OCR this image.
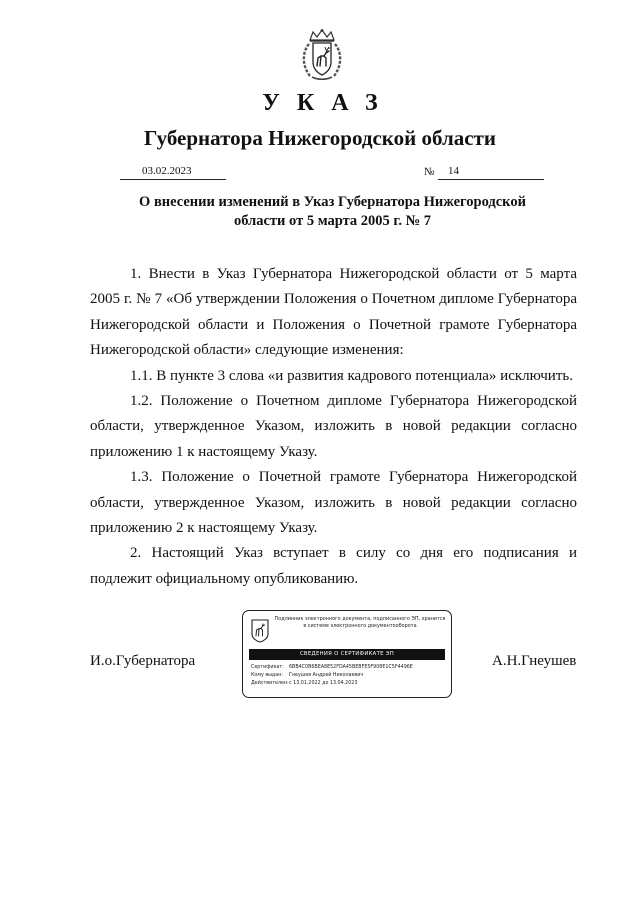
УКАЗ
Губернатора Нижегородской области
03.02.2023	№	14
О внесении изменений в Указ Губернатора Нижегородской области от 5 марта 2005 г. № 7

1. Внести в Указ Губернатора Нижегородской области от 5 марта 2005 г. № 7 «Об утверждении Положения о Почетном дипломе Губернатора Нижегородской области и Положения о Почетной грамоте Губернатора Нижегородской области» следующие изменения:

1.1. В пункте 3 слова «и развития кадрового потенциала» исключить.

1.2. Положение о Почетном дипломе Губернатора Нижегородской области, утвержденное Указом, изложить в новой редакции согласно приложению 1 к настоящему Указу.

1.3. Положение о Почетной грамоте Губернатора Нижегородской области, утвержденное Указом, изложить в новой редакции согласно приложению 2 к настоящему Указу.

2. Настоящий Указ вступает в силу со дня его подписания и подлежит официальному опубликованию.

И.о.Губернатора	А.Н.Гнеушев
Подлинник электронного документа, подписанного ЭП, хранится в системе электронного документооборота
СВЕДЕНИЯ О СЕРТИФИКАТЕ ЭП
Сертификат: 6BB4C0B6BEA8E52FDA45BEBFE5F908E1C5F4496E
Кому выдан: Гнеушев Андрей Николаевич
Действителен:с 13.01.2022 до 13.04.2023
